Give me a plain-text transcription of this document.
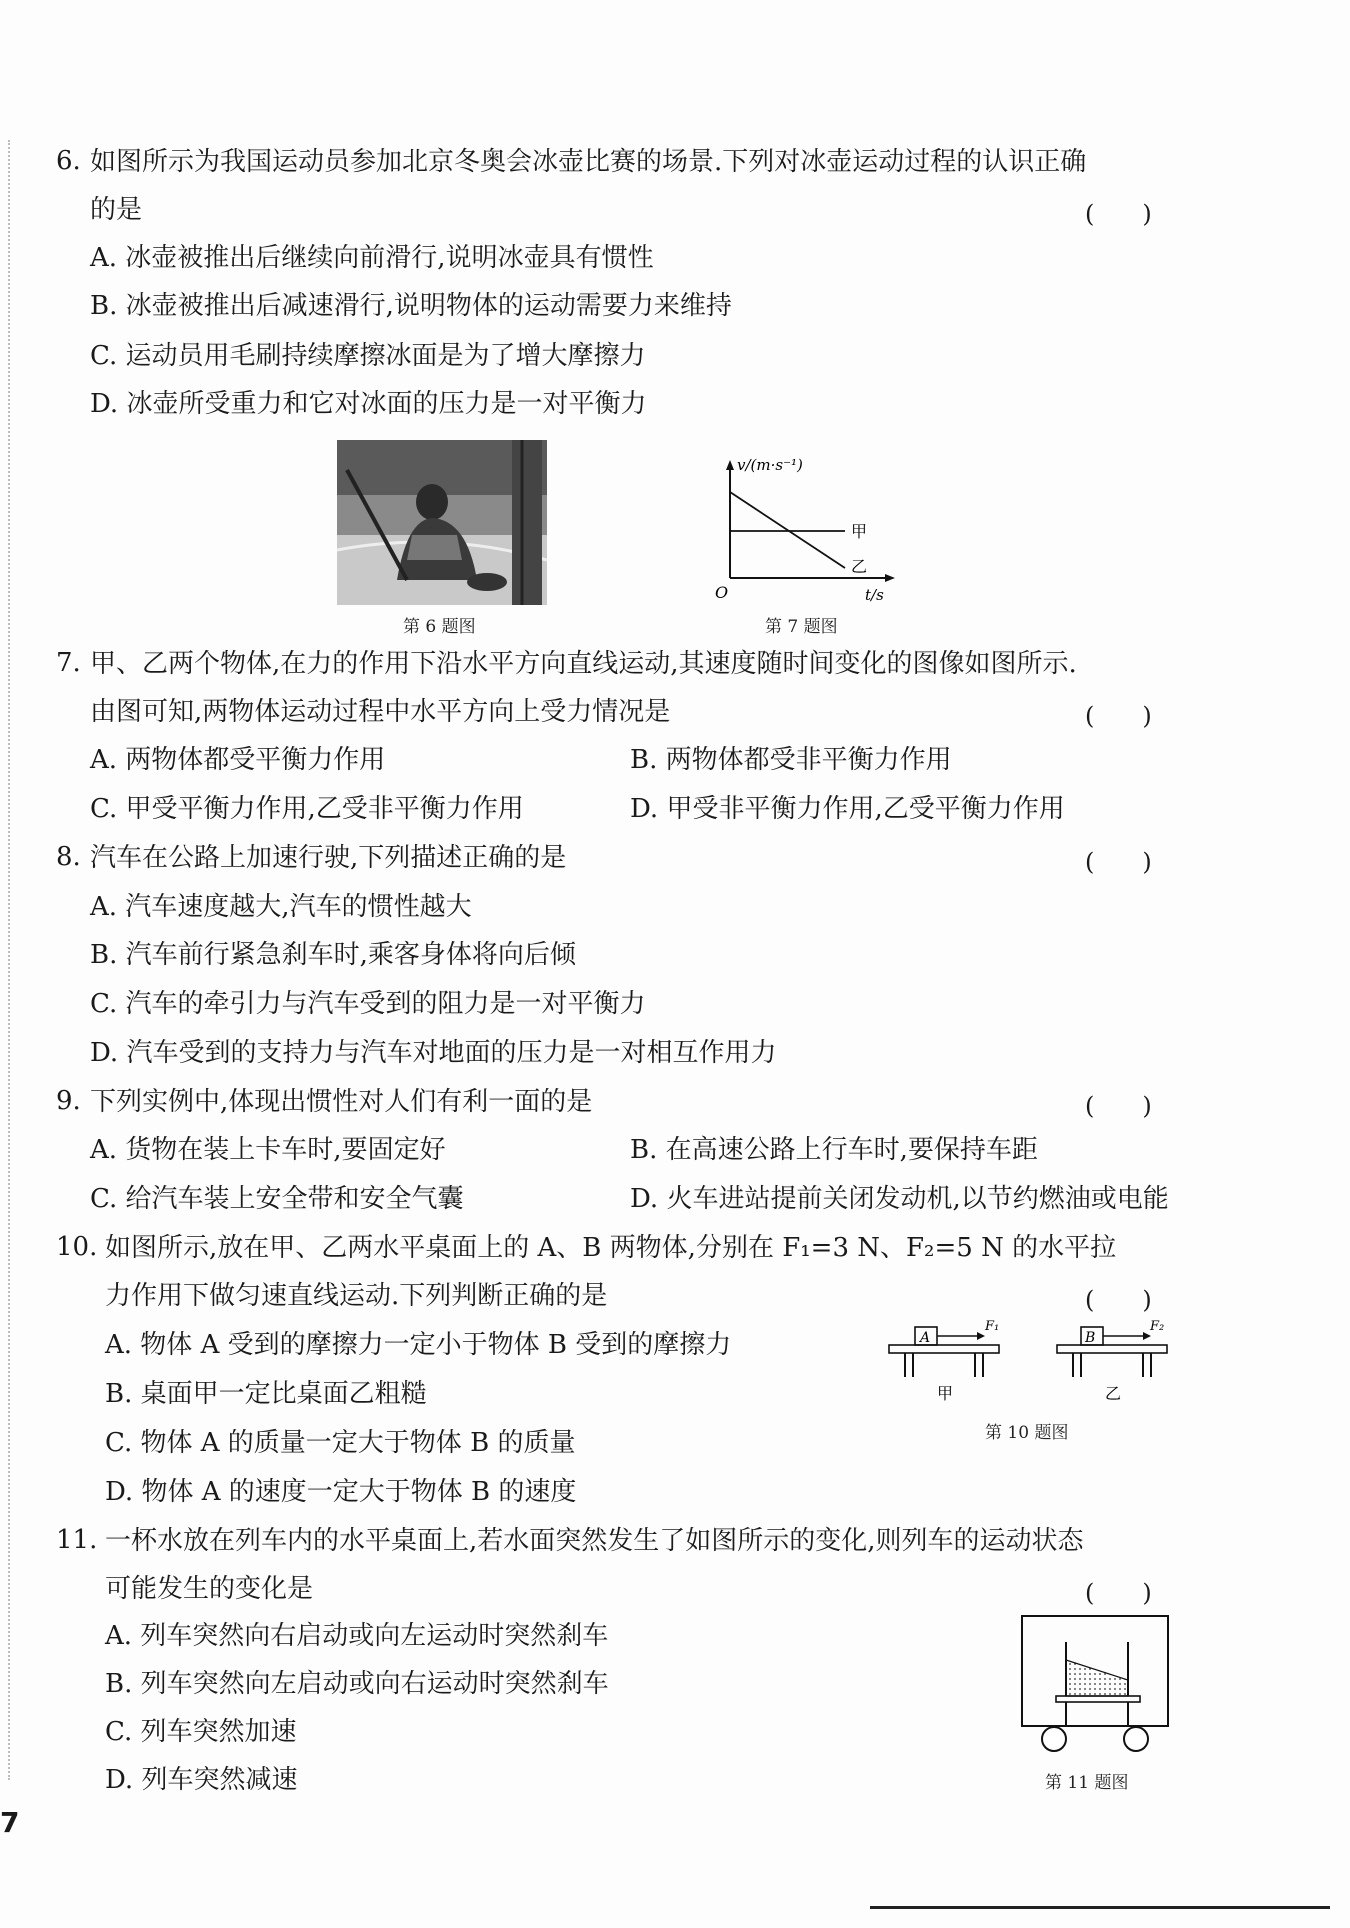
6. 如图所示为我国运动员参加北京冬奥会冰壶比赛的场景.下列对冰壶运动过程的认识正确
的是	(　　)
A. 冰壶被推出后继续向前滑行,说明冰壶具有惯性
B. 冰壶被推出后减速滑行,说明物体的运动需要力来维持
C. 运动员用毛刷持续摩擦冰面是为了增大摩擦力
D. 冰壶所受重力和它对冰面的压力是一对平衡力
第 6 题图
v/(m·s⁻¹)
O	t/s
甲
乙
第 7 题图
7. 甲、乙两个物体,在力的作用下沿水平方向直线运动,其速度随时间变化的图像如图所示.
由图可知,两物体运动过程中水平方向上受力情况是	(　　)
A. 两物体都受平衡力作用	B. 两物体都受非平衡力作用
C. 甲受平衡力作用,乙受非平衡力作用	D. 甲受非平衡力作用,乙受平衡力作用
8. 汽车在公路上加速行驶,下列描述正确的是	(　　)
A. 汽车速度越大,汽车的惯性越大
B. 汽车前行紧急刹车时,乘客身体将向后倾
C. 汽车的牵引力与汽车受到的阻力是一对平衡力
D. 汽车受到的支持力与汽车对地面的压力是一对相互作用力
9. 下列实例中,体现出惯性对人们有利一面的是	(　　)
A. 货物在装上卡车时,要固定好	B. 在高速公路上行车时,要保持车距
C. 给汽车装上安全带和安全气囊	D. 火车进站提前关闭发动机,以节约燃油或电能
10. 如图所示,放在甲、乙两水平桌面上的 A、B 两物体,分别在 F₁=3 N、F₂=5 N 的水平拉
力作用下做匀速直线运动.下列判断正确的是	(　　)
A. 物体 A 受到的摩擦力一定小于物体 B 受到的摩擦力
B. 桌面甲一定比桌面乙粗糙
C. 物体 A 的质量一定大于物体 B 的质量
D. 物体 A 的速度一定大于物体 B 的速度
A
F₁
甲
B
F₂
乙
第 10 题图
11. 一杯水放在列车内的水平桌面上,若水面突然发生了如图所示的变化,则列车的运动状态
可能发生的变化是	(　　)
A. 列车突然向右启动或向左运动时突然刹车
B. 列车突然向左启动或向右运动时突然刹车
C. 列车突然加速
D. 列车突然减速	第 11 题图
7
